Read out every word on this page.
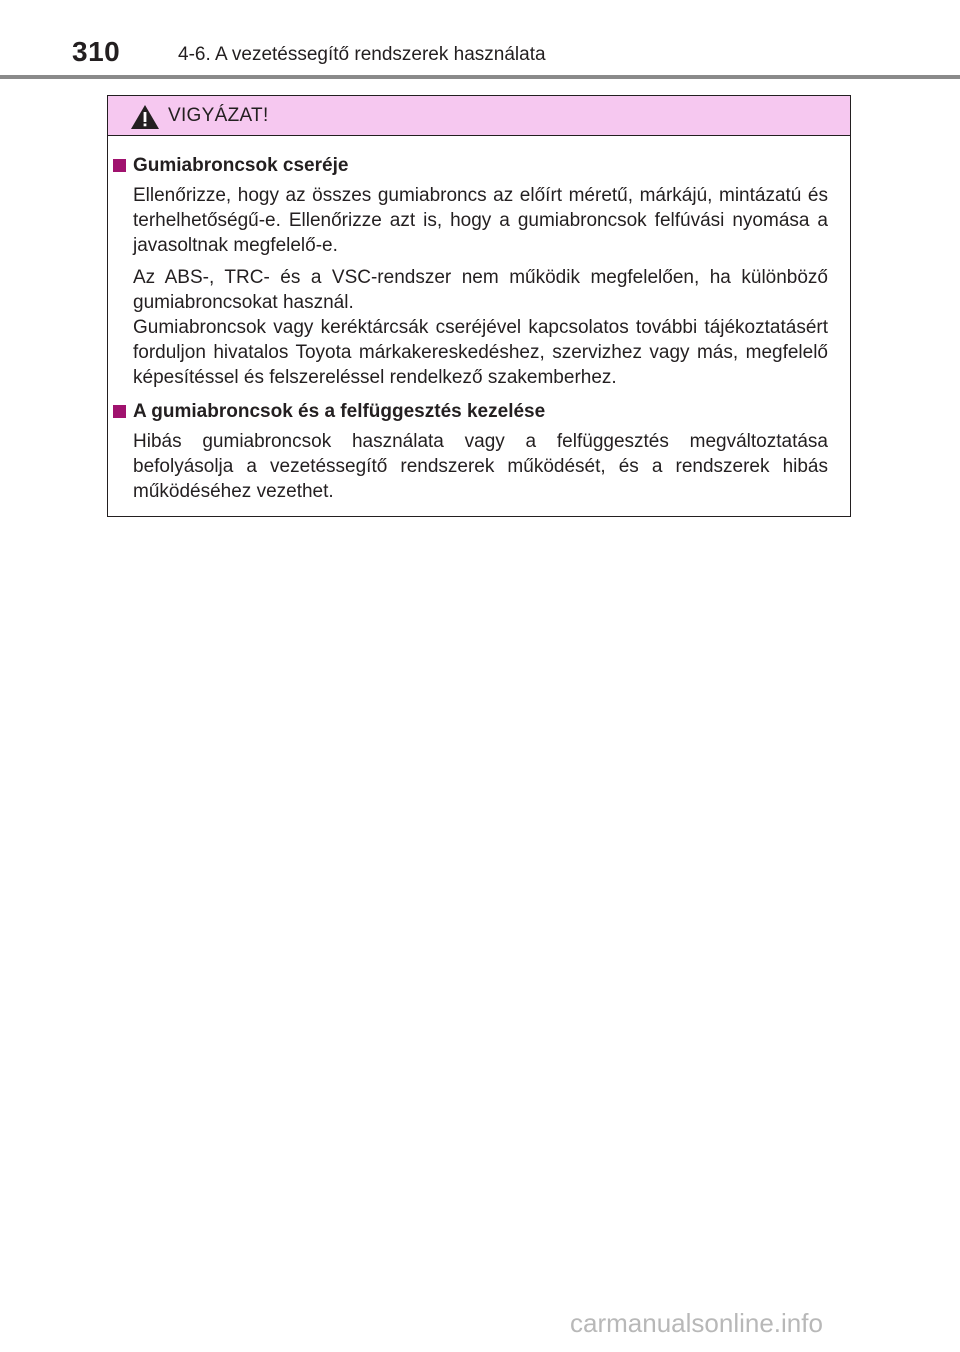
310	4-6. A vezetéssegítő rendszerek használata
VIGYÁZAT!
Gumiabroncsok cseréje

Ellenőrizze, hogy az összes gumiabroncs az előírt méretű, márkájú, mintázatú és terhelhetőségű-e. Ellenőrizze azt is, hogy a gumiabroncsok felfúvási nyomása a javasoltnak megfelelő-e.

Az ABS-, TRC- és a VSC-rendszer nem működik megfelelően, ha különböző gumiabroncsokat használ.

Gumiabroncsok vagy keréktárcsák cseréjével kapcsolatos további tájékoztatásért forduljon hivatalos Toyota márkakereskedéshez, szervizhez vagy más, megfelelő képesítéssel és felszereléssel rendelkező szakemberhez.

A gumiabroncsok és a felfüggesztés kezelése

Hibás gumiabroncsok használata vagy a felfüggesztés megváltoztatása befolyásolja a vezetéssegítő rendszerek működését, és a rendszerek hibás működéséhez vezethet.

carmanualsonline.info
